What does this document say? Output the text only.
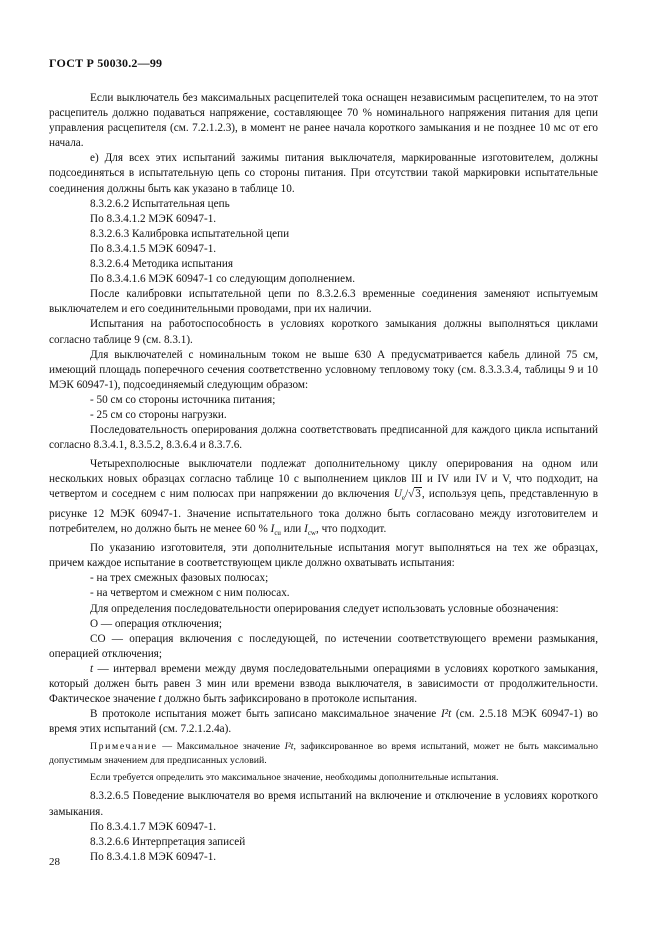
ГОСТ Р 50030.2—99

Если выключатель без максимальных расцепителей тока оснащен независимым расцепителем, то на этот расцепитель должно подаваться напряжение, составляющее 70 % номинального напряжения питания для цепи управления расцепителя (см. 7.2.1.2.3), в момент не ранее начала короткого замыкания и не позднее 10 мс от его начала.

е) Для всех этих испытаний зажимы питания выключателя, маркированные изготовителем, должны подсоединяться в испытательную цепь со стороны питания. При отсутствии такой маркировки испытательные соединения должны быть как указано в таблице 10.

8.3.2.6.2 Испытательная цепь

По 8.3.4.1.2 МЭК 60947-1.

8.3.2.6.3 Калибровка испытательной цепи

По 8.3.4.1.5 МЭК 60947-1.

8.3.2.6.4 Методика испытания

По 8.3.4.1.6 МЭК 60947-1 со следующим дополнением.

После калибровки испытательной цепи по 8.3.2.6.3 временные соединения заменяют испытуемым выключателем и его соединительными проводами, при их наличии.

Испытания на работоспособность в условиях короткого замыкания должны выполняться циклами согласно таблице 9 (см. 8.3.1).

Для выключателей с номинальным током не выше 630 А предусматривается кабель длиной 75 см, имеющий площадь поперечного сечения соответственно условному тепловому току (см. 8.3.3.3.4, таблицы 9 и 10 МЭК 60947-1), подсоединяемый следующим образом:

- 50 см со стороны источника питания;

- 25 см со стороны нагрузки.

Последовательность оперирования должна соответствовать предписанной для каждого цикла испытаний согласно 8.3.4.1, 8.3.5.2, 8.3.6.4 и 8.3.7.6.

Четырехполюсные выключатели подлежат дополнительному циклу оперирования на одном или нескольких новых образцах согласно таблице 10 с выполнением циклов III и IV или IV и V, что подходит, на четвертом и соседнем с ним полюсах при напряжении до включения $U_e/√3$, используя цепь, представленную в рисунке 12 МЭК 60947-1. Значение испытательного тока должно быть согласовано между изготовителем и потребителем, но должно быть не менее 60 % $I_{cu}$ или $I_{cw}$, что подходит.

По указанию изготовителя, эти дополнительные испытания могут выполняться на тех же образцах, причем каждое испытание в соответствующем цикле должно охватывать испытания:

- на трех смежных фазовых полюсах;

- на четвертом и смежном с ним полюсах.

Для определения последовательности оперирования следует использовать условные обозначения:

О — операция отключения;

CO — операция включения с последующей, по истечении соответствующего времени размыкания, операцией отключения;

t — интервал времени между двумя последовательными операциями в условиях короткого замыкания, который должен быть равен 3 мин или времени взвода выключателя, в зависимости от продолжительности. Фактическое значение t должно быть зафиксировано в протоколе испытания.

В протоколе испытания может быть записано максимальное значение I²t (см. 2.5.18 МЭК 60947-1) во время этих испытаний (см. 7.2.1.2.4а).

Примечание — Максимальное значение I²t, зафиксированное во время испытаний, может не быть максимально допустимым значением для предписанных условий.

Если требуется определить это максимальное значение, необходимы дополнительные испытания.

8.3.2.6.5 Поведение выключателя во время испытаний на включение и отключение в условиях короткого замыкания.

По 8.3.4.1.7 МЭК 60947-1.

8.3.2.6.6 Интерпретация записей

По 8.3.4.1.8 МЭК 60947-1.

28
